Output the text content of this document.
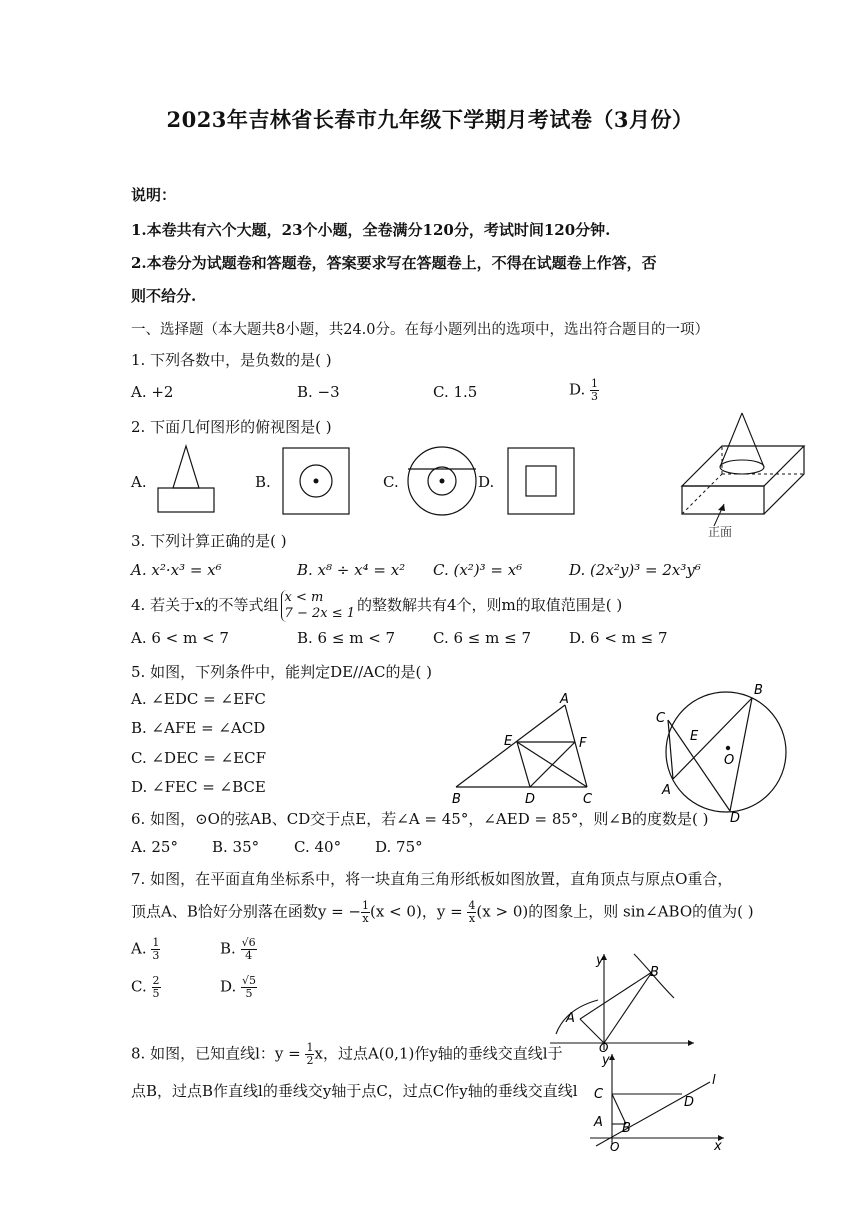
2023年吉林省长春市九年级下学期月考试卷（3月份）
说明：
1.本卷共有六个大题，23个小题，全卷满分120分，考试时间120分钟.
2.本卷分为试题卷和答题卷，答案要求写在答题卷上，不得在试题卷上作答，否
则不给分.
一、选择题（本大题共8小题，共24.0分。在每小题列出的选项中，选出符合题目的一项）
1. 下列各数中，是负数的是( )
A. +2	B. −3	C. 1.5	D. $\frac{1}{3}$
2. 下面几何图形的俯视图是( )
A.	B.	C.	D.
正面
3. 下列计算正确的是( )
A. x²·x³ = x⁶	B. x⁸ ÷ x⁴ = x² C. (x²)³ = x⁶	D. (2x²y)³ = 2x³y⁶
4. 若关于x的不等式组 x < m
7 − 2x ≤ 1 的整数解共有4个，则m的取值范围是( )
A. 6 < m < 7	B. 6 ≤ m < 7	C. 6 ≤ m ≤ 7	D. 6 < m ≤ 7
5. 如图，下列条件中，能判定DE//AC的是( )
A. ∠EDC = ∠EFC
B. ∠AFE = ∠ACD
C. ∠DEC = ∠ECF
D. ∠FEC = ∠BCE
A
B	C
D
E	F
B
C
E
O
A
D
6. 如图，⊙O的弦AB、CD交于点E，若∠A = 45°，∠AED = 85°，则∠B的度数是( )
A. 25° B. 35° C. 40° D. 75°
7. 如图，在平面直角坐标系中，将一块直角三角形纸板如图放置，直角顶点与原点O重合，
顶点A、B恰好分别落在函数y = − $\frac{1}{x} (x < 0)$，$y = \frac{4}{x} (x > 0)$的图象上，则 sin∠ABO的值为( )
A. $\frac{1}{3}$	B. $\frac{√6}{4}$
C. $\frac{2}{5}$	D. $\frac{√5}{5}$
y
B
A
O
8. 如图，已知直线l：$y = \frac{1}{2}$ x，过点A(0,1)作y轴的垂线交直线l于
点B，过点B作直线l的垂线交y轴于点C，过点C作y轴的垂线交直线l
y
l
C
D
A B
O	x
